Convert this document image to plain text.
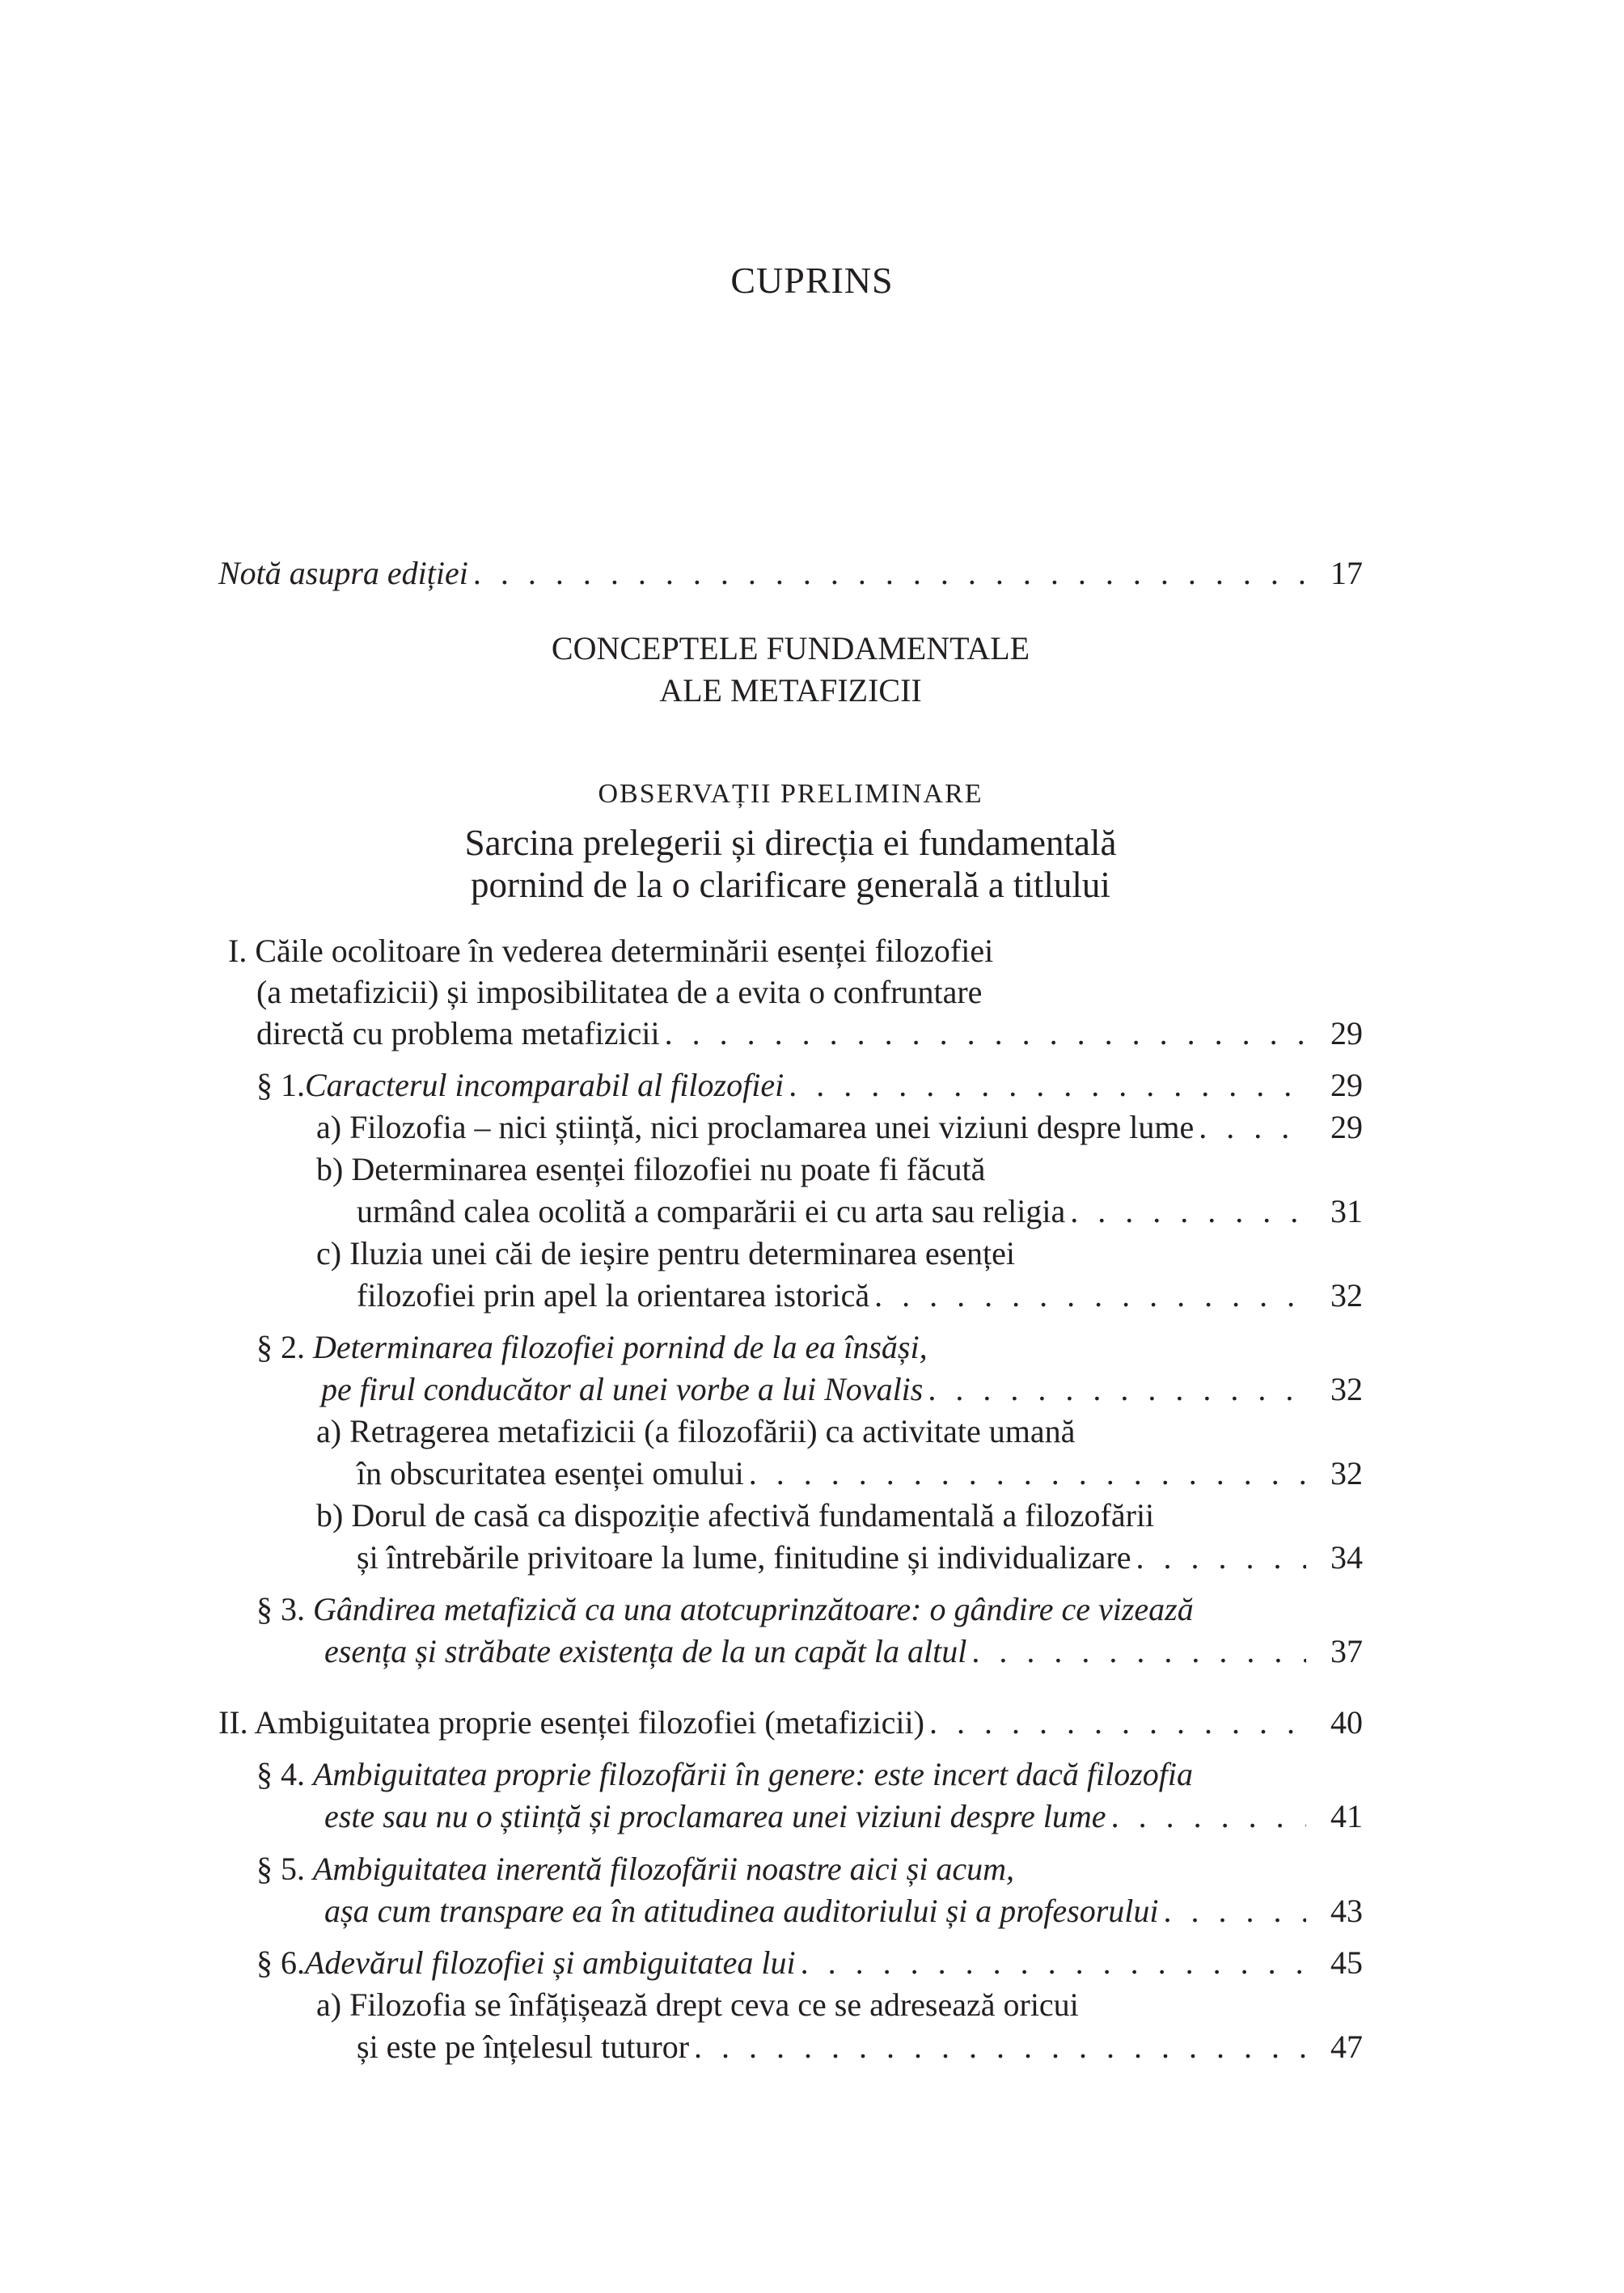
CUPRINS
Notă asupra ediției . . .	17
CONCEPTELE FUNDAMENTALE
ALE METAFIZICII
OBSERVAȚII PRELIMINARE
Sarcina prelegerii și direcția ei fundamentală
pornind de la o clarificare generală a titlului
I. Căile ocolitoare în vederea determinării esenței filozofiei
(a metafizicii) și imposibilitatea de a evita o confruntare
directă cu problema metafizicii . . .	29
§ 1. Caracterul incomparabil al filozofiei . . .	29
a) Filozofia – nici știință, nici proclamarea unei viziuni despre lume . . .	29
b) Determinarea esenței filozofiei nu poate fi făcută
urmând calea ocolită a comparării ei cu arta sau religia . . .	31
c) Iluzia unei căi de ieșire pentru determinarea esenței
filozofiei prin apel la orientarea istorică . . .	32
§ 2. Determinarea filozofiei pornind de la ea însăși,
pe firul conducător al unei vorbe a lui Novalis . . .	32
a) Retragerea metafizicii (a filozofării) ca activitate umană
în obscuritatea esenței omului . . .	32
b) Dorul de casă ca dispoziție afectivă fundamentală a filozofării
și întrebările privitoare la lume, finitudine și individualizare . . .	34
§ 3. Gândirea metafizică ca una atotcuprinzătoare: o gândire ce vizează
esența și străbate existența de la un capăt la altul . . .	37
II. Ambiguitatea proprie esenței filozofiei (metafizicii) . . .	40
§ 4. Ambiguitatea proprie filozofării în genere: este incert dacă filozofia
este sau nu o știință și proclamarea unei viziuni despre lume . . .	41
§ 5. Ambiguitatea inerentă filozofării noastre aici și acum,
așa cum transpare ea în atitudinea auditoriului și a profesorului . . .	43
§ 6. Adevărul filozofiei și ambiguitatea lui . . .	45
a) Filozofia se înfățișează drept ceva ce se adresează oricui
și este pe înțelesul tuturor . . .	47
